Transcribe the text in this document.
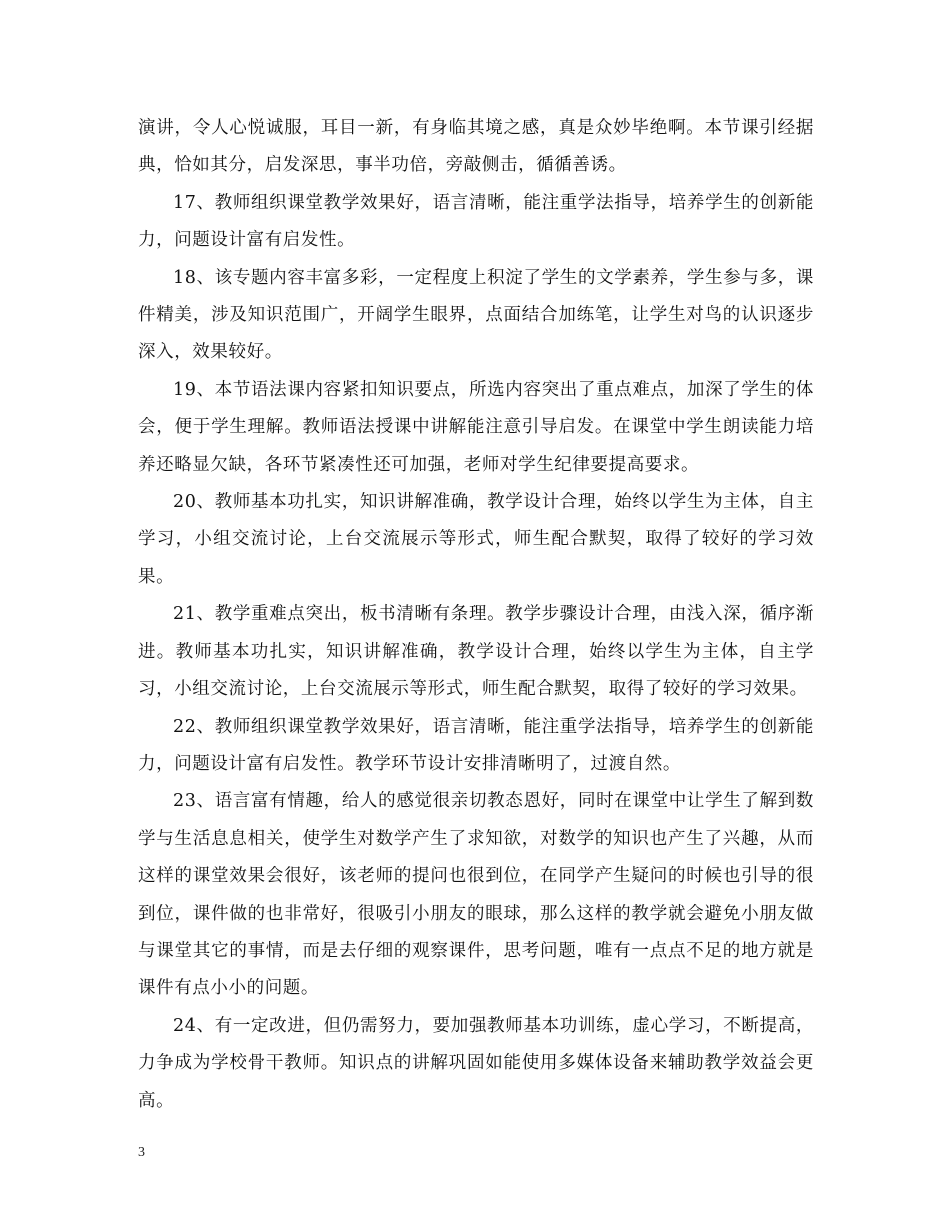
演讲，令人心悦诚服，耳目一新，有身临其境之感，真是众妙毕绝啊。本节课引经据典，恰如其分，启发深思，事半功倍，旁敲侧击，循循善诱。

17、教师组织课堂教学效果好，语言清晰，能注重学法指导，培养学生的创新能力，问题设计富有启发性。

18、该专题内容丰富多彩，一定程度上积淀了学生的文学素养，学生参与多，课件精美，涉及知识范围广，开阔学生眼界，点面结合加练笔，让学生对鸟的认识逐步深入，效果较好。

19、本节语法课内容紧扣知识要点，所选内容突出了重点难点，加深了学生的体会，便于学生理解。教师语法授课中讲解能注意引导启发。在课堂中学生朗读能力培养还略显欠缺，各环节紧凑性还可加强，老师对学生纪律要提高要求。

20、教师基本功扎实，知识讲解准确，教学设计合理，始终以学生为主体，自主学习，小组交流讨论，上台交流展示等形式，师生配合默契，取得了较好的学习效果。

21、教学重难点突出，板书清晰有条理。教学步骤设计合理，由浅入深，循序渐进。教师基本功扎实，知识讲解准确，教学设计合理，始终以学生为主体，自主学习，小组交流讨论，上台交流展示等形式，师生配合默契，取得了较好的学习效果。

22、教师组织课堂教学效果好，语言清晰，能注重学法指导，培养学生的创新能力，问题设计富有启发性。教学环节设计安排清晰明了，过渡自然。

23、语言富有情趣，给人的感觉很亲切教态恩好，同时在课堂中让学生了解到数学与生活息息相关，使学生对数学产生了求知欲，对数学的知识也产生了兴趣，从而这样的课堂效果会很好，该老师的提问也很到位，在同学产生疑问的时候也引导的很到位，课件做的也非常好，很吸引小朋友的眼球，那么这样的教学就会避免小朋友做与课堂其它的事情，而是去仔细的观察课件，思考问题，唯有一点点不足的地方就是课件有点小小的问题。

24、有一定改进，但仍需努力，要加强教师基本功训练，虚心学习，不断提高，力争成为学校骨干教师。知识点的讲解巩固如能使用多媒体设备来辅助教学效益会更高。

3
